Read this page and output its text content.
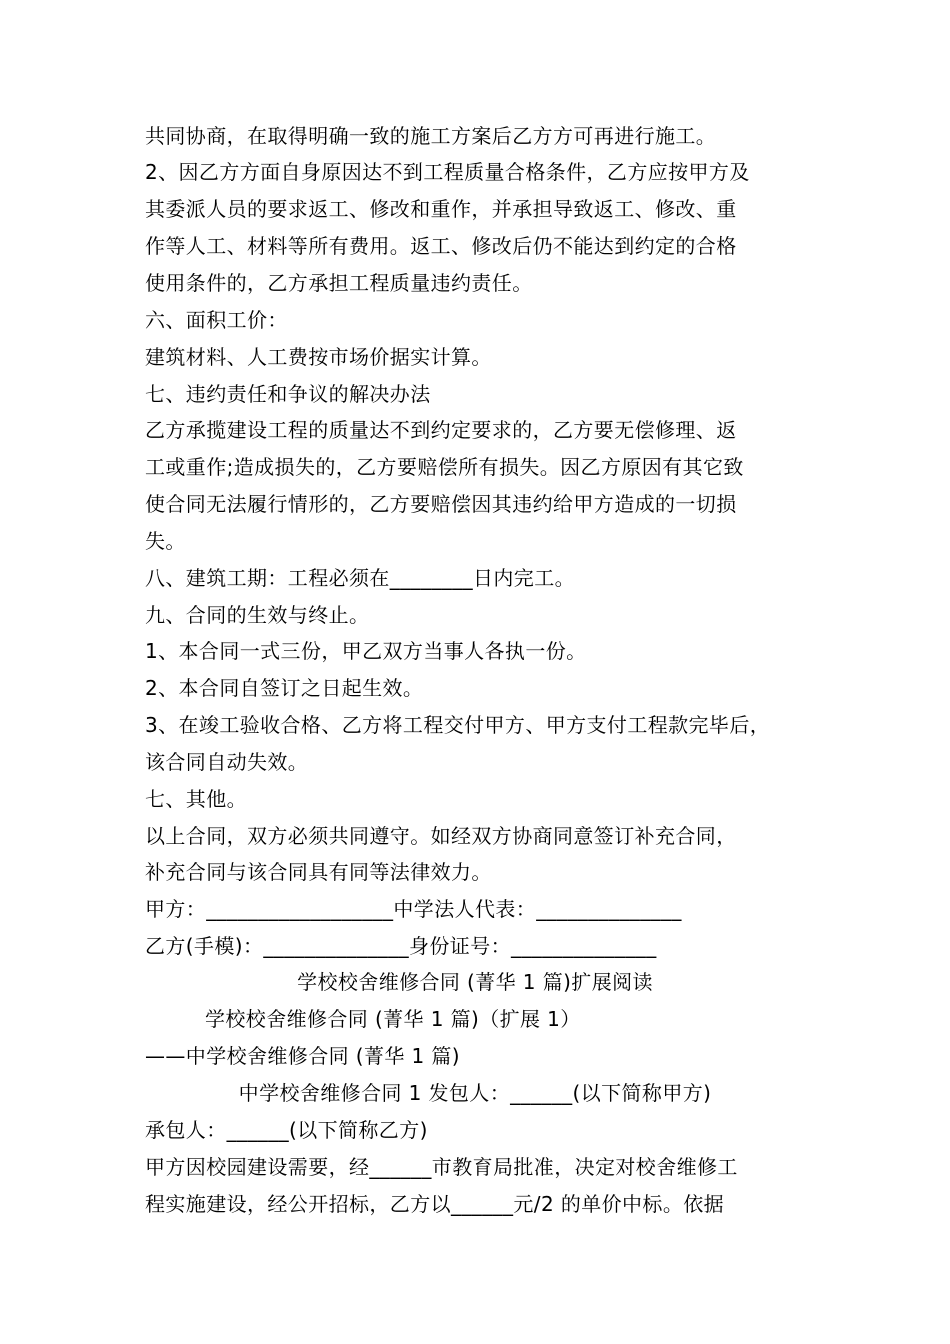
共同协商，在取得明确一致的施工方案后乙方方可再进行施工。
2、因乙方方面自身原因达不到工程质量合格条件，乙方应按甲方及
其委派人员的要求返工、修改和重作，并承担导致返工、修改、重
作等人工、材料等所有费用。返工、修改后仍不能达到约定的合格
使用条件的，乙方承担工程质量违约责任。
六、面积工价：
建筑材料、人工费按市场价据实计算。
七、违约责任和争议的解决办法
乙方承揽建设工程的质量达不到约定要求的，乙方要无偿修理、返
工或重作;造成损失的，乙方要赔偿所有损失。因乙方原因有其它致
使合同无法履行情形的，乙方要赔偿因其违约给甲方造成的一切损
失。
八、建筑工期：工程必须在________日内完工。
九、合同的生效与终止。
1、本合同一式三份，甲乙双方当事人各执一份。
2、本合同自签订之日起生效。
3、在竣工验收合格、乙方将工程交付甲方、甲方支付工程款完毕后，
该合同自动失效。
七、其他。
以上合同，双方必须共同遵守。如经双方协商同意签订补充合同，
补充合同与该合同具有同等法律效力。
甲方：__________________中学法人代表：______________
乙方(手模)：______________身份证号：______________
学校校舍维修合同 (菁华 1 篇)扩展阅读
学校校舍维修合同 (菁华 1 篇)（扩展 1）
——中学校舍维修合同 (菁华 1 篇)
中学校舍维修合同 1 发包人：______(以下简称甲方)
承包人：______(以下简称乙方)
甲方因校园建设需要，经______市教育局批准，决定对校舍维修工
程实施建设，经公开招标，乙方以______元/2 的单价中标。依据
